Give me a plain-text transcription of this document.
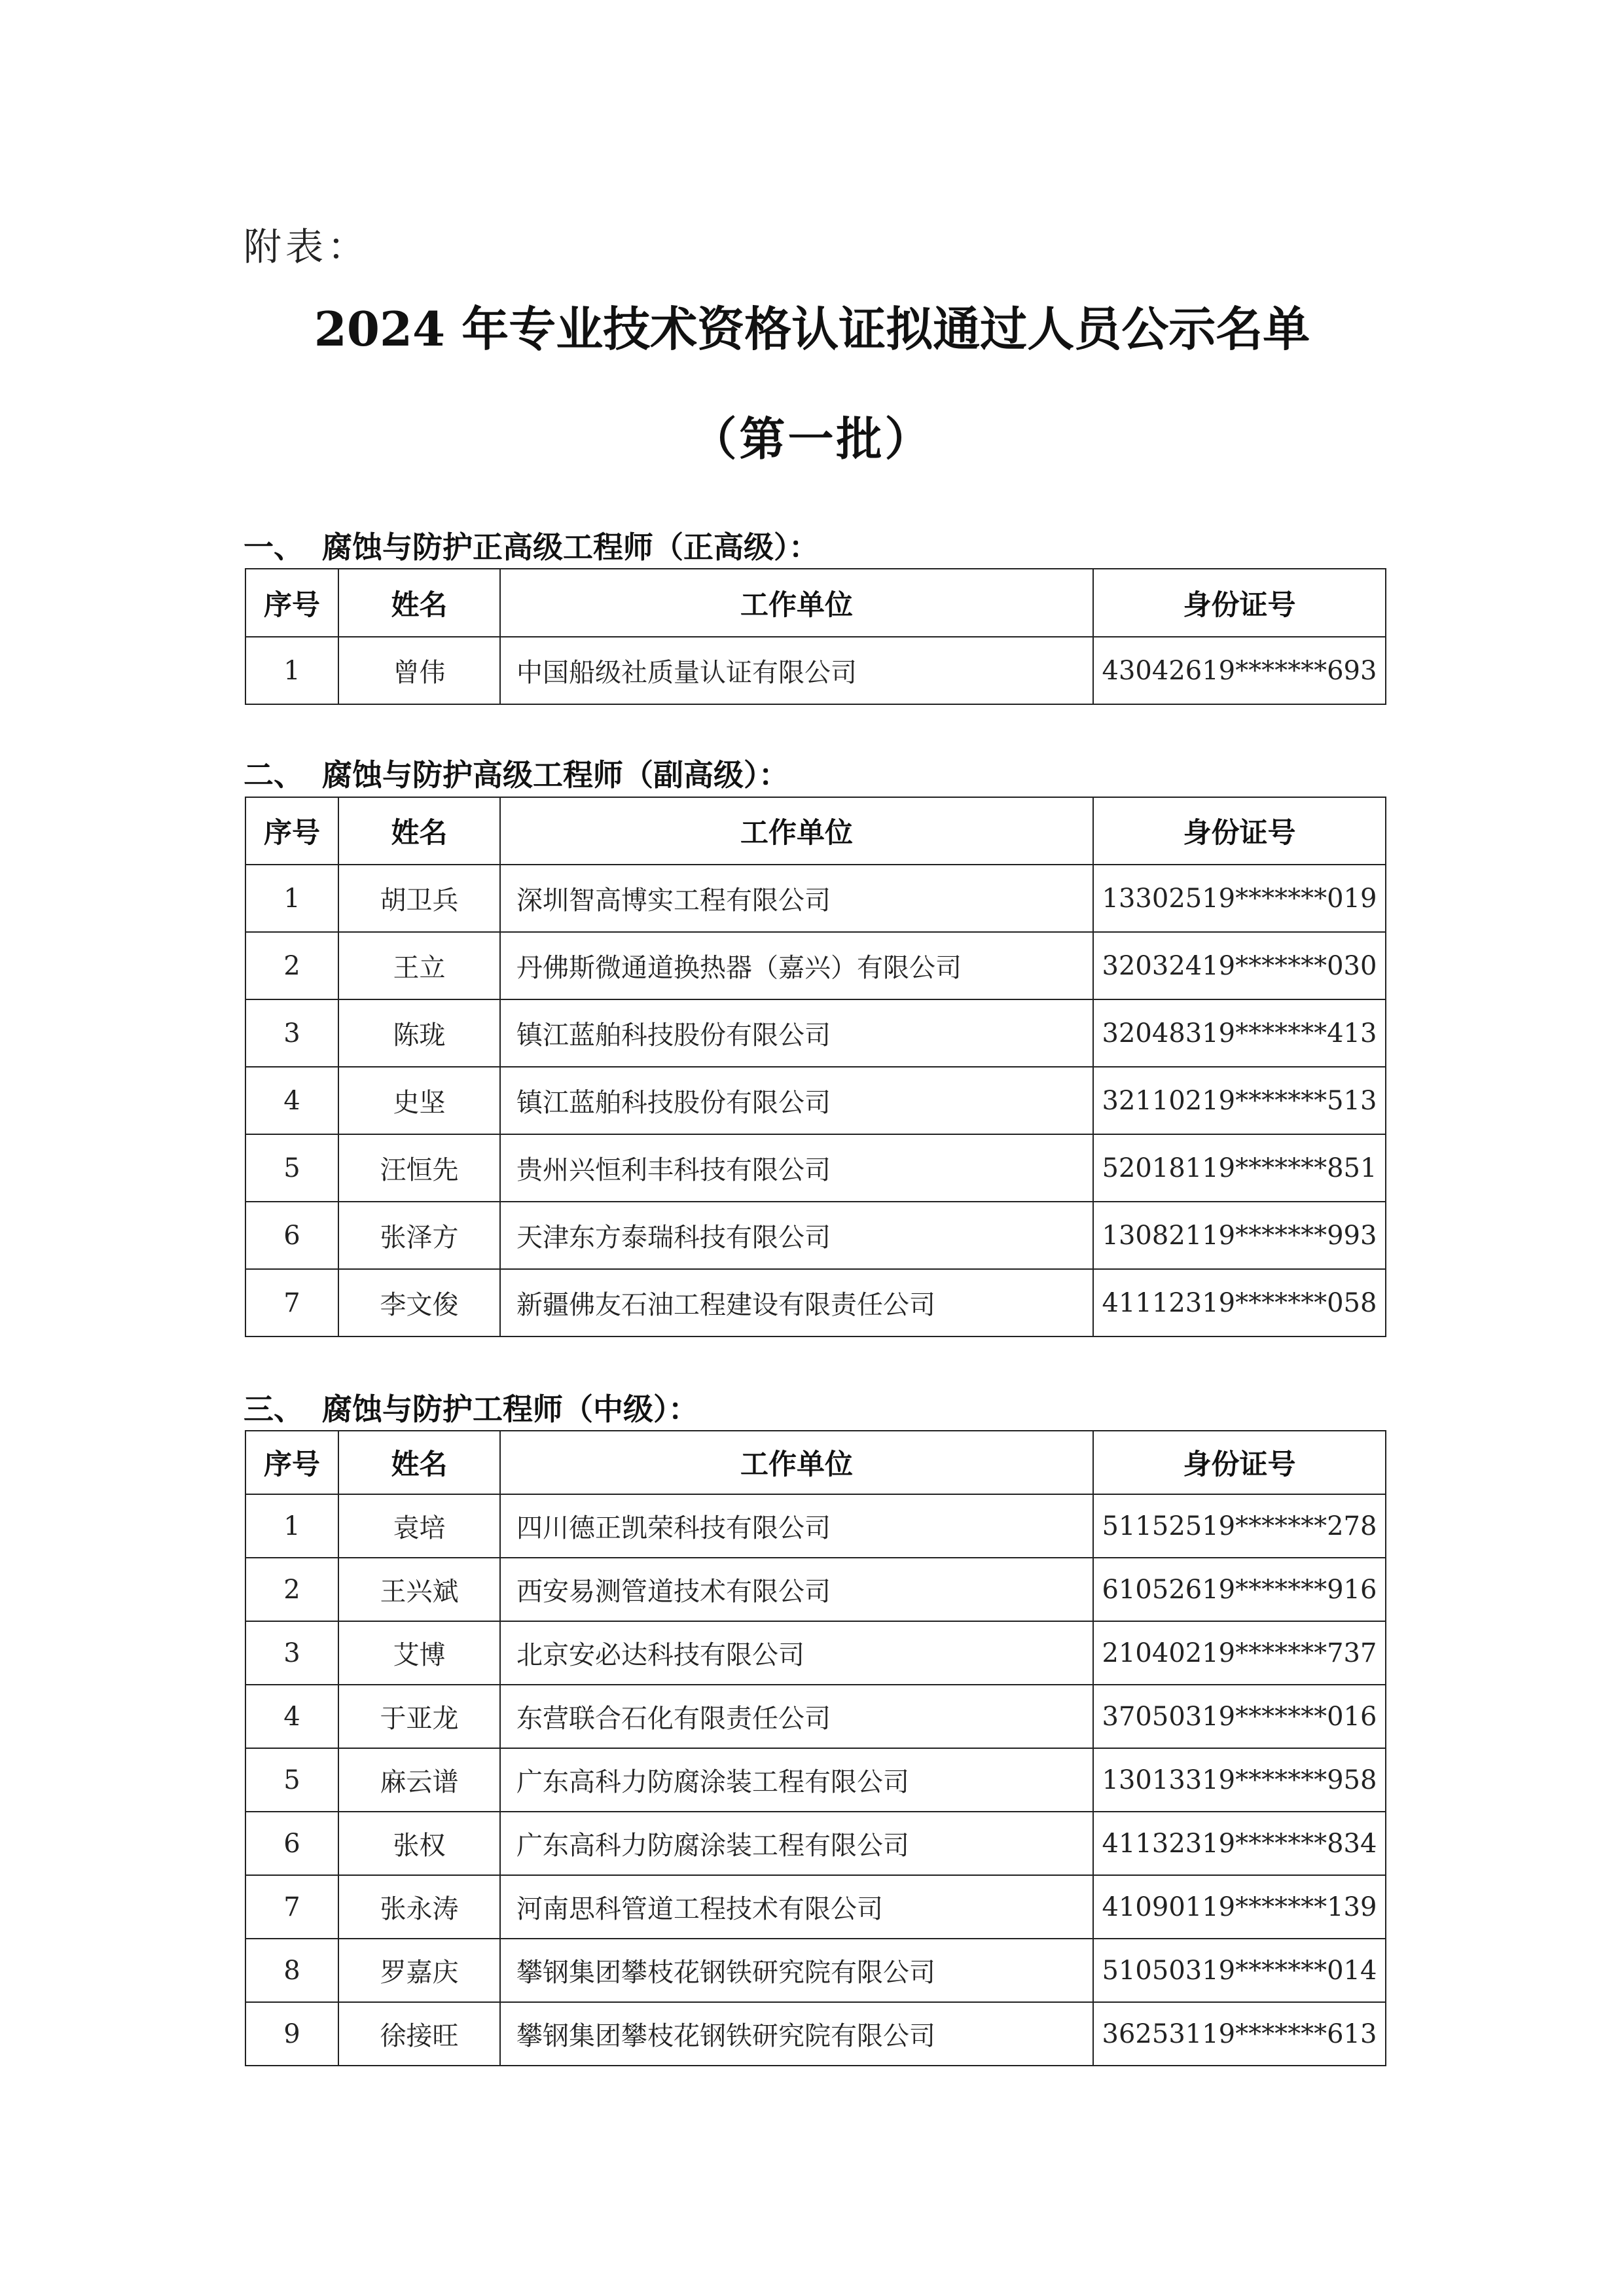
附表：
2024 年专业技术资格认证拟通过人员公示名单
（第一批）
一、 腐蚀与防护正高级工程师（正高级）：
序号	姓名	工作单位	身份证号
1	曾伟	中国船级社质量认证有限公司	43042619*******693
二、 腐蚀与防护高级工程师（副高级）：
序号	姓名	工作单位	身份证号
1	胡卫兵	深圳智高博实工程有限公司	13302519*******019
2	王立	丹佛斯微通道换热器（嘉兴）有限公司	32032419*******030
3	陈珑	镇江蓝舶科技股份有限公司	32048319*******413
4	史坚	镇江蓝舶科技股份有限公司	32110219*******513
5	汪恒先	贵州兴恒利丰科技有限公司	52018119*******851
6	张泽方	天津东方泰瑞科技有限公司	13082119*******993
7	李文俊	新疆佛友石油工程建设有限责任公司	41112319*******058
三、 腐蚀与防护工程师（中级）：
序号	姓名	工作单位	身份证号
1	袁培	四川德正凯荣科技有限公司	51152519*******278
2	王兴斌	西安易测管道技术有限公司	61052619*******916
3	艾博	北京安必达科技有限公司	21040219*******737
4	于亚龙	东营联合石化有限责任公司	37050319*******016
5	麻云谱	广东高科力防腐涂装工程有限公司	13013319*******958
6	张权	广东高科力防腐涂装工程有限公司	41132319*******834
7	张永涛	河南思科管道工程技术有限公司	41090119*******139
8	罗嘉庆	攀钢集团攀枝花钢铁研究院有限公司	51050319*******014
9	徐接旺	攀钢集团攀枝花钢铁研究院有限公司	36253119*******613
